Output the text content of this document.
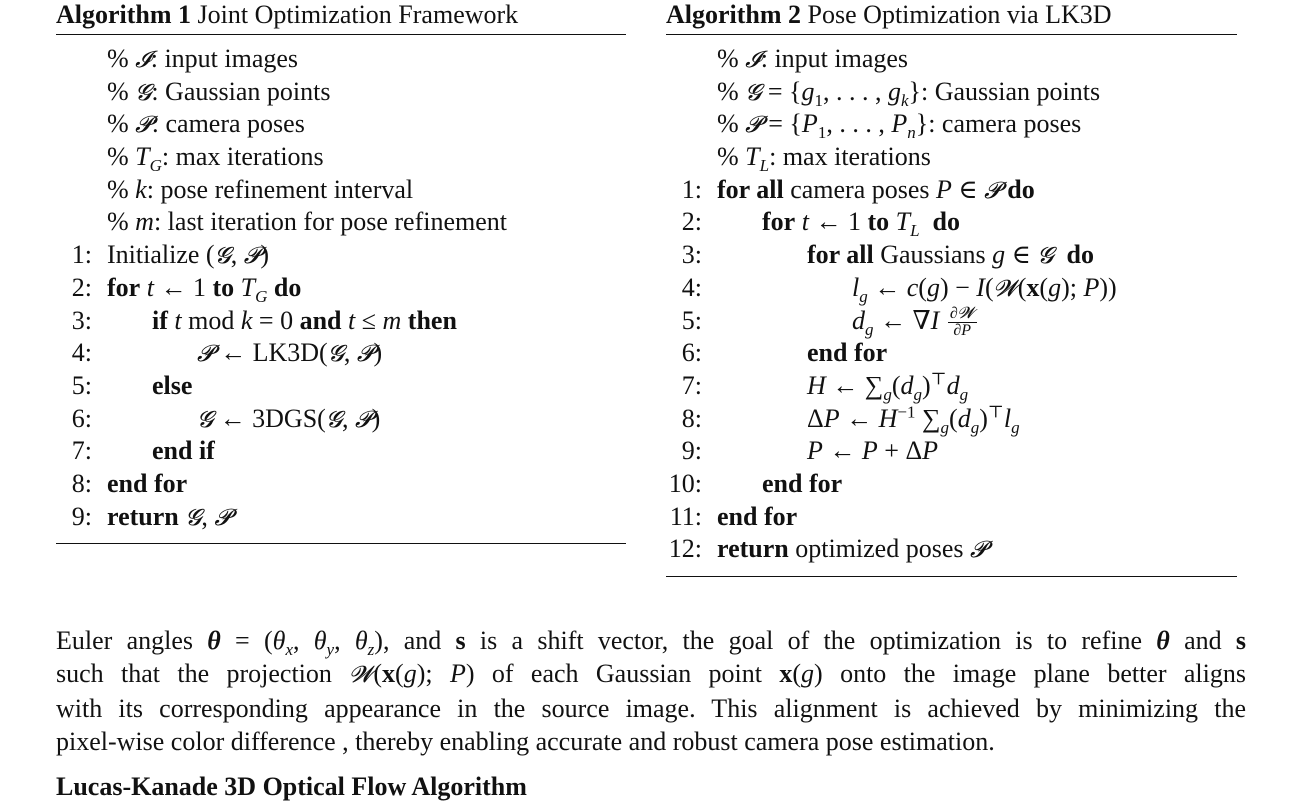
Algorithm 1 Joint Optimization Framework
% 𝓘: input images
% 𝓖: Gaussian points
% 𝓟: camera poses
% $T_G$: max iterations
% k: pose refinement interval
% m: last iteration for pose refinement
1: Initialize (𝓖, 𝓟)
2: for t ← 1 to $T_G$ do
3: if t mod k = 0 and t ≤ m then
4:	𝓟 ← LK3D(𝓖, 𝓟)
5: else
6:	𝓖 ← 3DGS(𝓖, 𝓟)
7: end if
8: end for
9: return 𝓖, 𝓟
Algorithm 2 Pose Optimization via LK3D
% 𝓘: input images
% 𝓖 = {$g_1$, . . . , $g_k$}: Gaussian points
% 𝓟 = {$P_1$, . . . , $P_n$}: camera poses
% $T_L$: max iterations
1: for all camera poses P ∈ 𝓟 do
2: for t ← 1 to $T_L$ do
3:	for all Gaussians g ∈ 𝓖 do
4:	$l_g$ ← c(g) − I(𝓦(x(g); P))
5:	$d_g$ ← $\nabla I \frac{\text{∂𝓦}}{\partial P}$
6:	end for
7:	H ← $\sum_g(d_g)^⊤d_g$
8:	ΔP ← $H^{-1}$ $\sum_g(d_g)^⊤l_g$
9:	P ← P + ΔP
10: end for
11: end for
12: return optimized poses 𝓟
Euler angles $\theta = (\theta_x$, $\theta_y$, $\theta_z$), and s is a shift vector, the goal of the optimization is to refine θ and s
such that the projection 𝓦(x(g); P) of each Gaussian point x(g) onto the image plane better aligns
with its corresponding appearance in the source image. This alignment is achieved by minimizing the
pixel-wise color difference , thereby enabling accurate and robust camera pose estimation.
Lucas-Kanade 3D Optical Flow Algorithm
